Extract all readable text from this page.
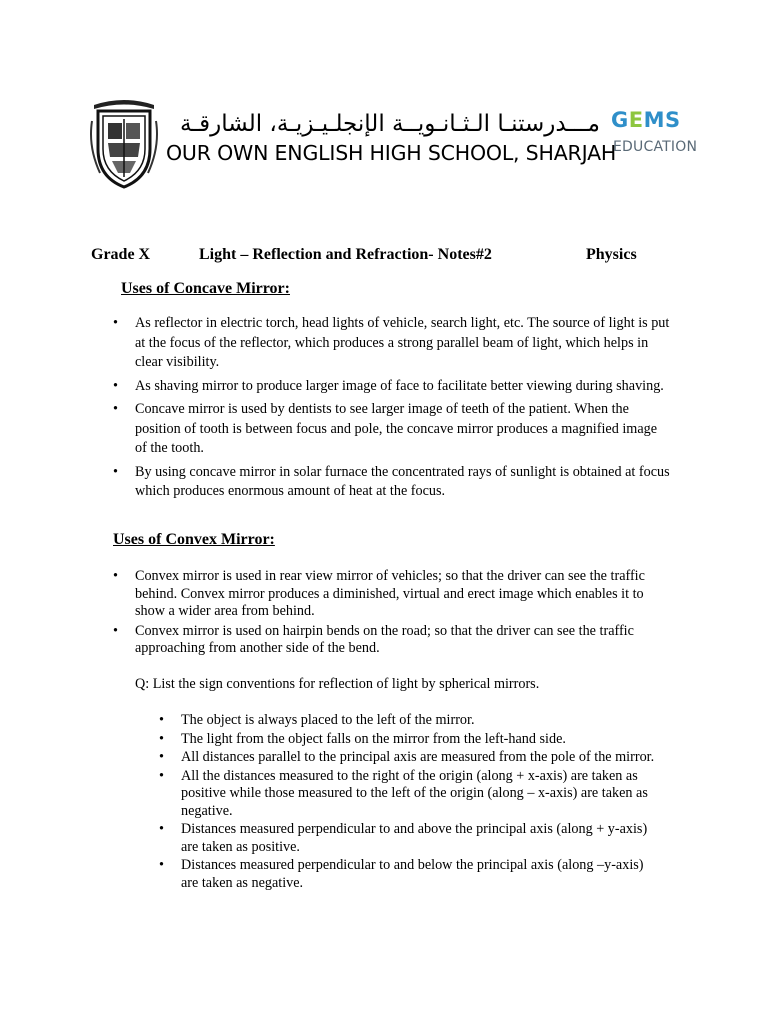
مـــدرستنـا الـثـانـويــة الإنجلـيـزيـة، الشارقـة
OUR OWN ENGLISH HIGH SCHOOL, SHARJAH
GEMS
EDUCATION
Grade X	Light – Reflection and Refraction- Notes#2	Physics
Uses of Concave Mirror:
• As reflector in electric torch, head lights of vehicle, search light, etc. The source of light is put at the focus of the reflector, which produces a strong parallel beam of light, which helps in clear visibility.
• As shaving mirror to produce larger image of face to facilitate better viewing during shaving.
• Concave mirror is used by dentists to see larger image of teeth of the patient. When the position of tooth is between focus and pole, the concave mirror produces a magnified image of the tooth.
• By using concave mirror in solar furnace the concentrated rays of sunlight is obtained at focus which produces enormous amount of heat at the focus.
Uses of Convex Mirror:
• Convex mirror is used in rear view mirror of vehicles; so that the driver can see the traffic behind. Convex mirror produces a diminished, virtual and erect image which enables it to show a wider area from behind.
• Convex mirror is used on hairpin bends on the road; so that the driver can see the traffic approaching from another side of the bend.
Q: List the sign conventions for reflection of light by spherical mirrors.
• The object is always placed to the left of the mirror.
• The light from the object falls on the mirror from the left-hand side.
• All distances parallel to the principal axis are measured from the pole of the mirror.
• All the distances measured to the right of the origin (along + x-axis) are taken as positive while those measured to the left of the origin (along – x-axis) are taken as negative.
• Distances measured perpendicular to and above the principal axis (along + y-axis) are taken as positive.
• Distances measured perpendicular to and below the principal axis (along –y-axis) are taken as negative.
